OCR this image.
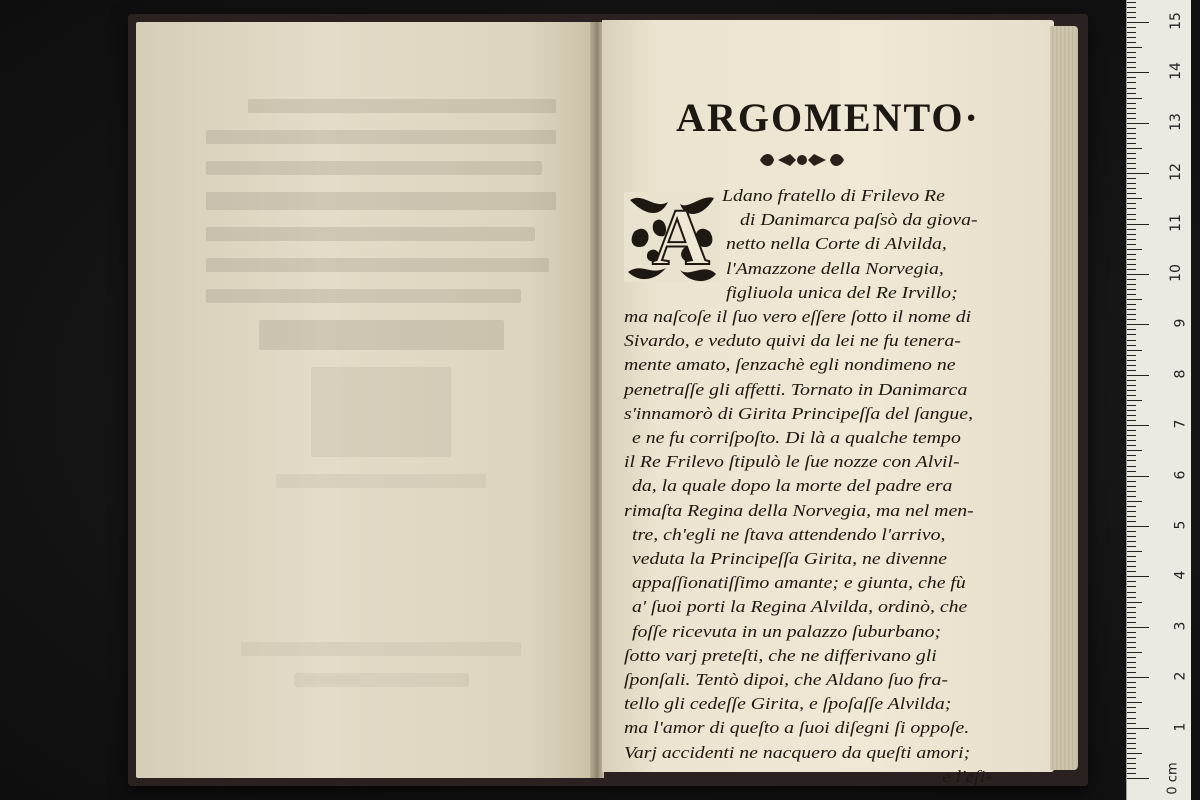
ARGOMENTO·
A Ldano fratello di Frilevo Re
di Danimarca paſsò da giova-
netto nella Corte di Alvilda,
l'Amazzone della Norvegia,
figliuola unica del Re Irvillo;
ma naſcoſe il ſuo vero eſſere ſotto il nome di
Sivardo, e veduto quivi da lei ne fu tenera-
mente amato, ſenzachè egli nondimeno ne
penetraſſe gli affetti. Tornato in Danimarca
s'innamorò di Girita Principeſſa del ſangue,
e ne fu corriſpoſto. Di là a qualche tempo
il Re Frilevo ſtipulò le ſue nozze con Alvil-
da, la quale dopo la morte del padre era
rimaſta Regina della Norvegia, ma nel men-
tre, ch'egli ne ſtava attendendo l'arrivo,
veduta la Principeſſa Girita, ne divenne
appaſſionatiſſimo amante; e giunta, che fù
a' ſuoi porti la Regina Alvilda, ordinò, che
foſſe ricevuta in un palazzo ſuburbano;
ſotto varj preteſti, che ne differivano gli
ſponſali. Tentò dipoi, che Aldano ſuo fra-
tello gli cedeſſe Girita, e ſpoſaſſe Alvilda;
ma l'amor di queſto a ſuoi diſegni ſi oppoſe.
Varj accidenti ne nacquero da queſti amori;
e l'eſi-	0 cm
1
2
3
4
5
6
7
8
9
10
11
12
13
14
15
